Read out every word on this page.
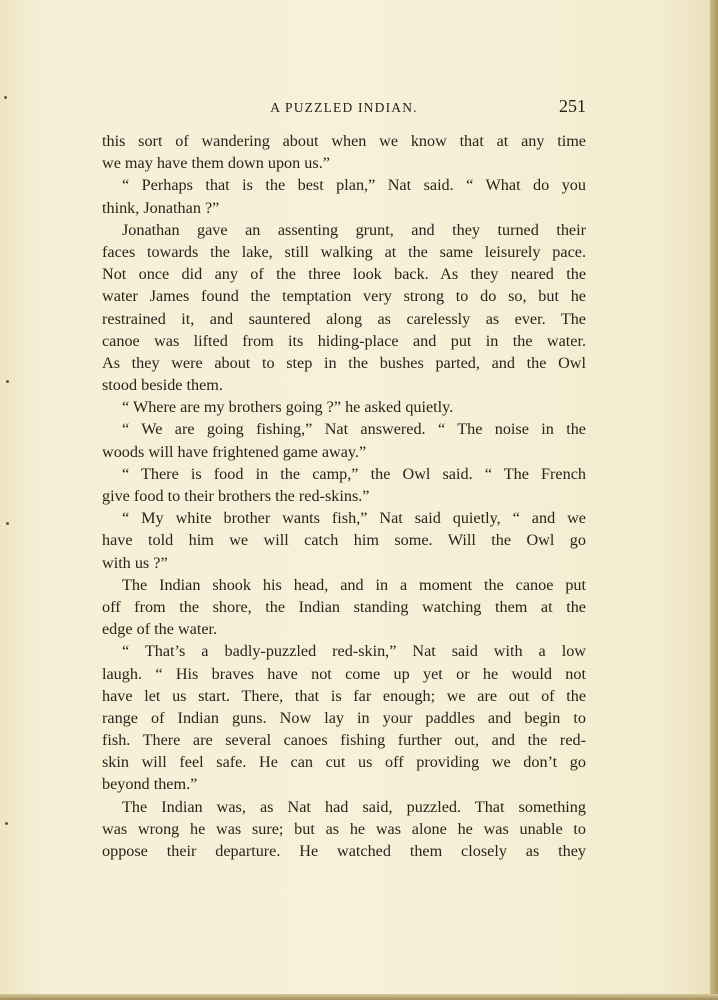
A PUZZLED INDIAN.	251
this sort of wandering about when we know that at any time
we may have them down upon us.”
“ Perhaps that is the best plan,” Nat said. “ What do you
think, Jonathan ?”
Jonathan gave an assenting grunt, and they turned their
faces towards the lake, still walking at the same leisurely pace.
Not once did any of the three look back. As they neared the
water James found the temptation very strong to do so, but he
restrained it, and sauntered along as carelessly as ever. The
canoe was lifted from its hiding-place and put in the water.
As they were about to step in the bushes parted, and the Owl
stood beside them.
“ Where are my brothers going ?” he asked quietly.
“ We are going fishing,” Nat answered. “ The noise in the
woods will have frightened game away.”
“ There is food in the camp,” the Owl said. “ The French
give food to their brothers the red-skins.”
“ My white brother wants fish,” Nat said quietly, “ and we
have told him we will catch him some. Will the Owl go
with us ?”
The Indian shook his head, and in a moment the canoe put
off from the shore, the Indian standing watching them at the
edge of the water.
“ That’s a badly-puzzled red-skin,” Nat said with a low
laugh. “ His braves have not come up yet or he would not
have let us start. There, that is far enough; we are out of the
range of Indian guns. Now lay in your paddles and begin to
fish. There are several canoes fishing further out, and the red-
skin will feel safe. He can cut us off providing we don’t go
beyond them.”
The Indian was, as Nat had said, puzzled. That something
was wrong he was sure; but as he was alone he was unable to
oppose their departure. He watched them closely as they
